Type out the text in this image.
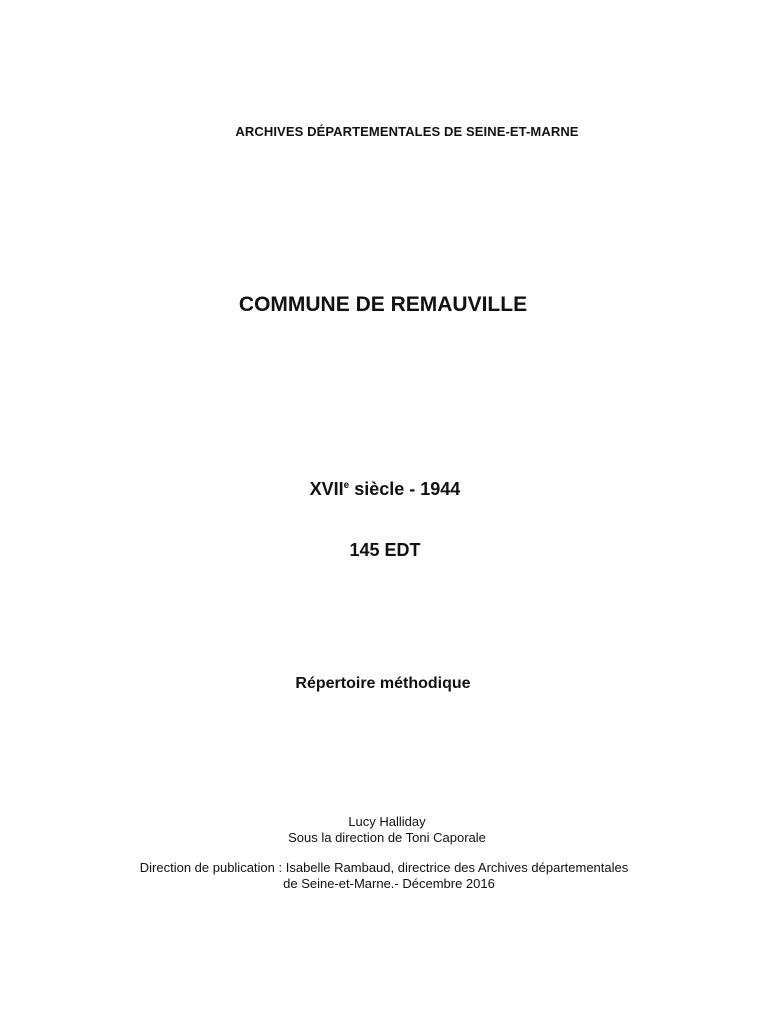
ARCHIVES DÉPARTEMENTALES DE SEINE-ET-MARNE
COMMUNE DE REMAUVILLE
XVIIe siècle - 1944
145 EDT
Répertoire méthodique
Lucy Halliday
Sous la direction de Toni Caporale
Direction de publication : Isabelle Rambaud, directrice des Archives départementales
de Seine-et-Marne.- Décembre 2016
